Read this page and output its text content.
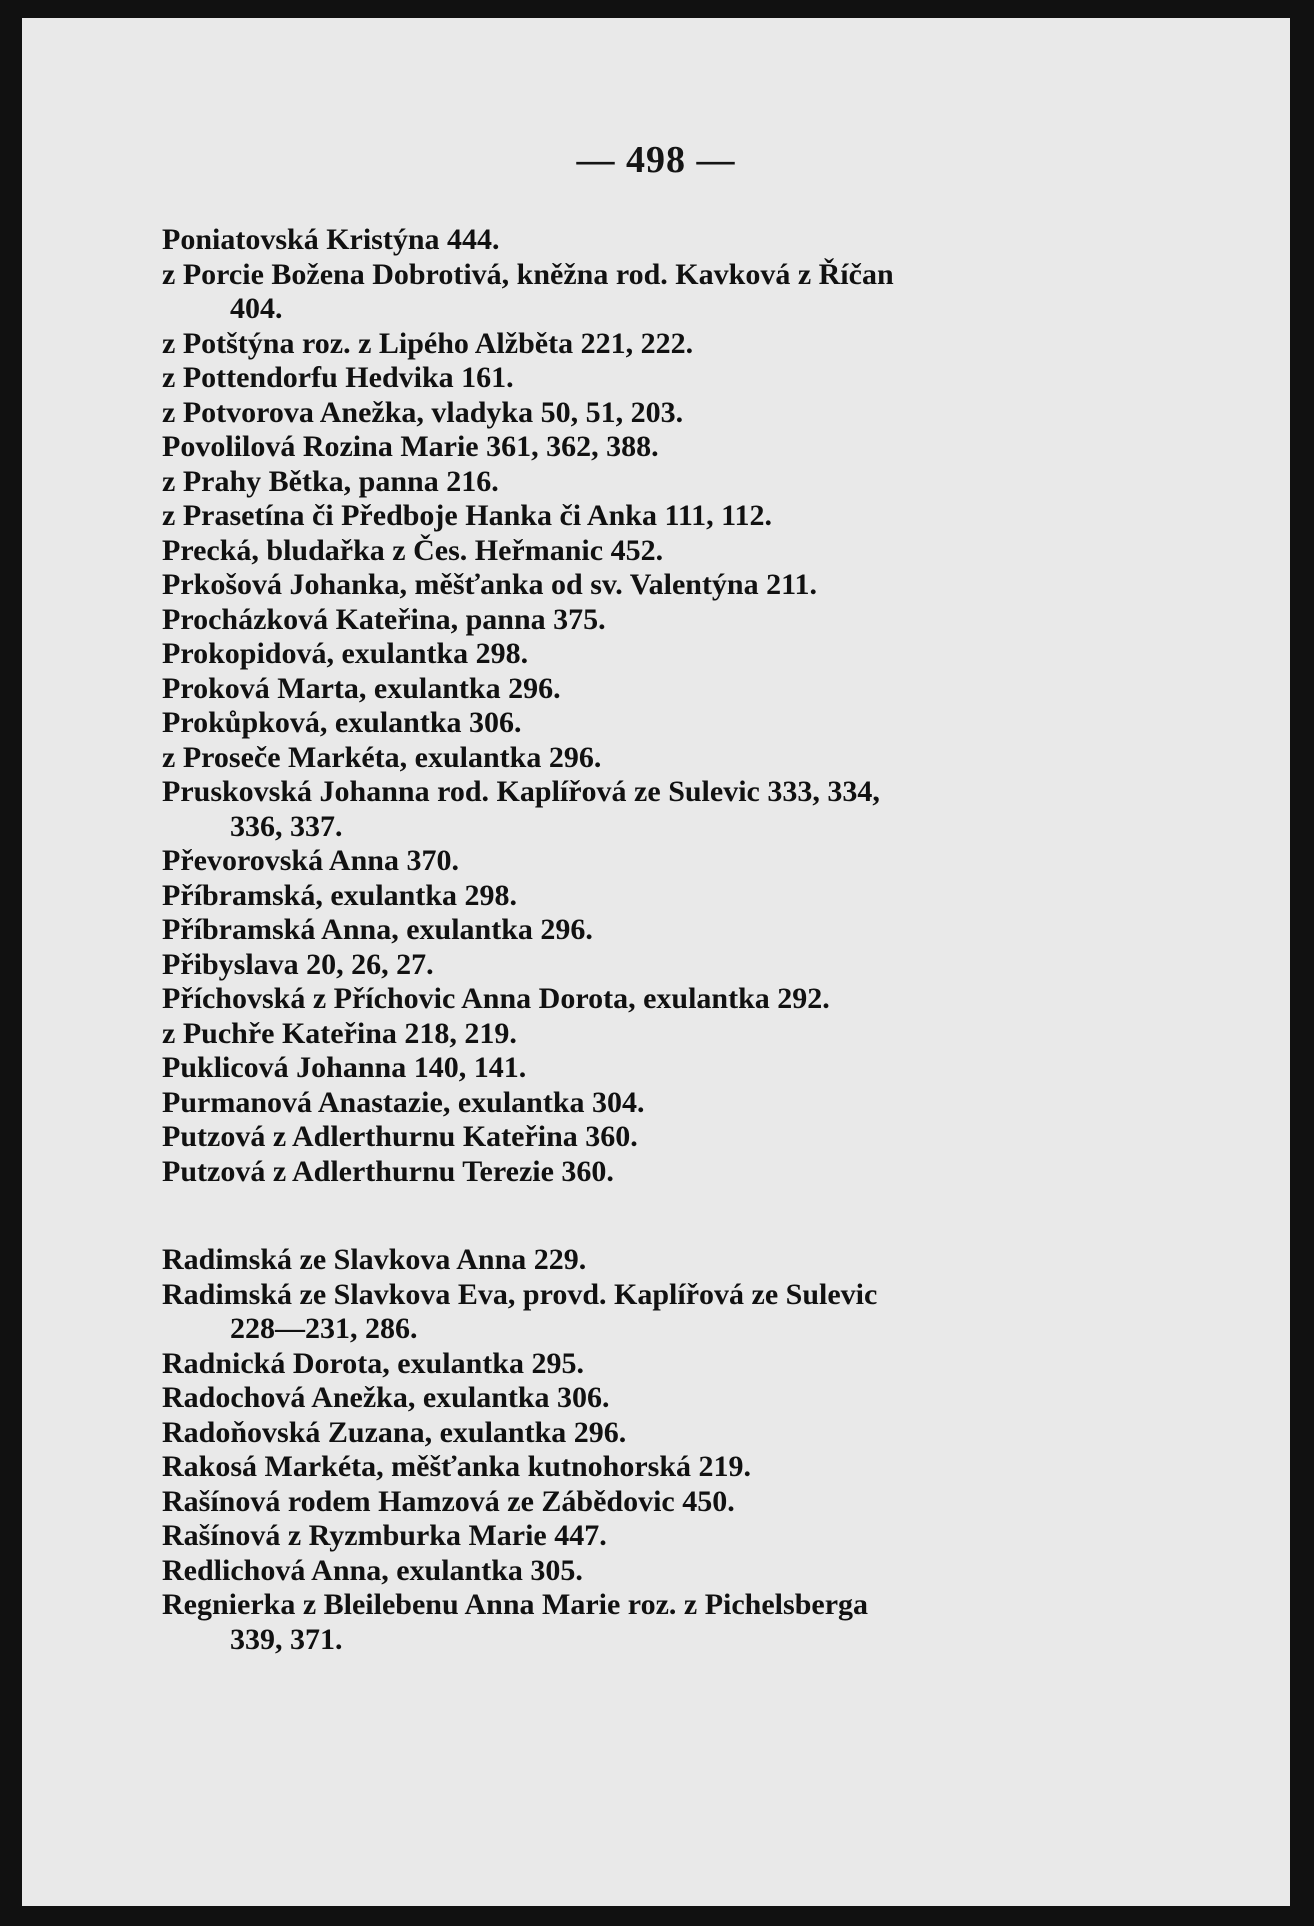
— 498 —
Poniatovská Kristýna 444.
z Porcie Božena Dobrotivá, kněžna rod. Kavková z Říčan
404.
z Potštýna roz. z Lipého Alžběta 221, 222.
z Pottendorfu Hedvika 161.
z Potvorova Anežka, vladyka 50, 51, 203.
Povolilová Rozina Marie 361, 362, 388.
z Prahy Bětka, panna 216.
z Prasetína či Předboje Hanka či Anka 111, 112.
Precká, bludařka z Čes. Heřmanic 452.
Prkošová Johanka, měšťanka od sv. Valentýna 211.
Procházková Kateřina, panna 375.
Prokopidová, exulantka 298.
Proková Marta, exulantka 296.
Prokůpková, exulantka 306.
z Proseče Markéta, exulantka 296.
Pruskovská Johanna rod. Kaplířová ze Sulevic 333, 334,
336, 337.
Převorovská Anna 370.
Příbramská, exulantka 298.
Příbramská Anna, exulantka 296.
Přibyslava 20, 26, 27.
Příchovská z Příchovic Anna Dorota, exulantka 292.
z Puchře Kateřina 218, 219.
Puklicová Johanna 140, 141.
Purmanová Anastazie, exulantka 304.
Putzová z Adlerthurnu Kateřina 360.
Putzová z Adlerthurnu Terezie 360.
Radimská ze Slavkova Anna 229.
Radimská ze Slavkova Eva, provd. Kaplířová ze Sulevic
228—231, 286.
Radnická Dorota, exulantka 295.
Radochová Anežka, exulantka 306.
Radoňovská Zuzana, exulantka 296.
Rakosá Markéta, měšťanka kutnohorská 219.
Rašínová rodem Hamzová ze Zábědovic 450.
Rašínová z Ryzmburka Marie 447.
Redlichová Anna, exulantka 305.
Regnierka z Bleilebenu Anna Marie roz. z Pichelsberga
339, 371.
